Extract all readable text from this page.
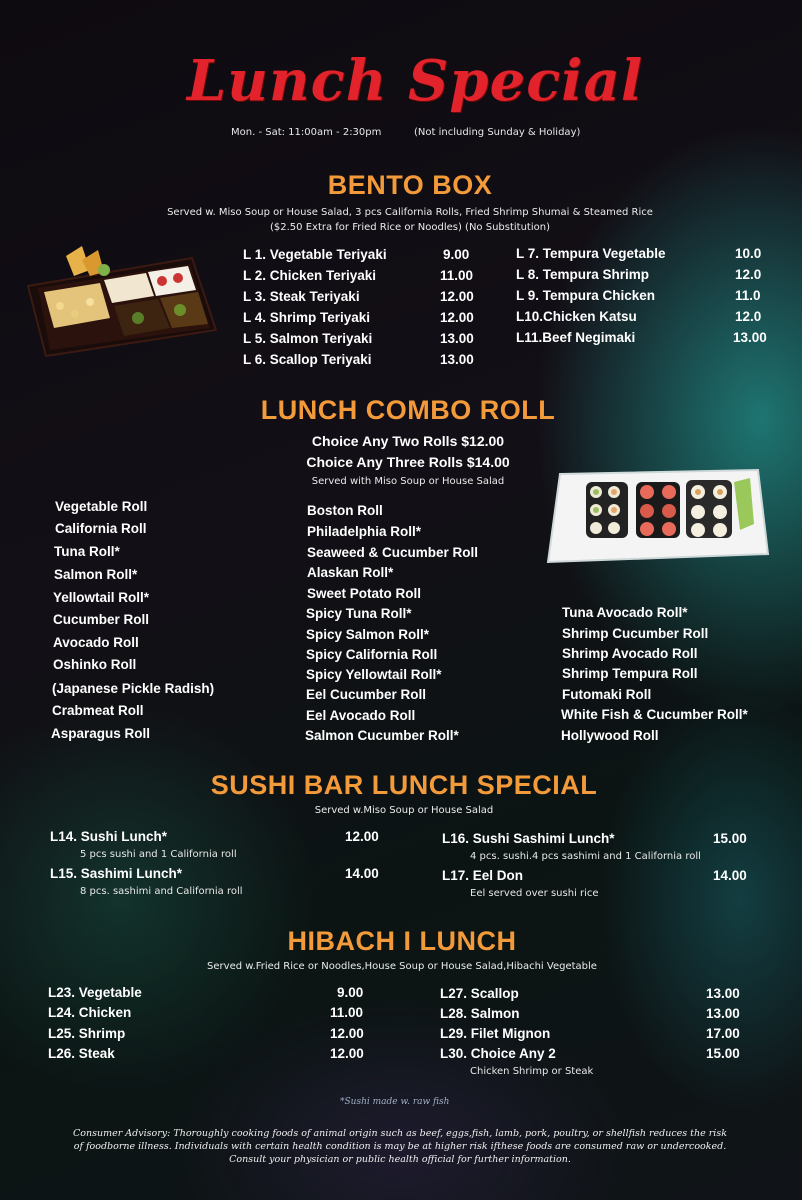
Lunch Special
Mon. - Sat: 11:00am - 2:30pm	(Not including Sunday & Holiday)
BENTO BOX
Served w. Miso Soup or House Salad, 3 pcs California Rolls, Fried Shrimp Shumai & Steamed Rice
($2.50 Extra for Fried Rice or Noodles) (No Substitution)
L 1. Vegetable Teriyaki	9.00
L 2. Chicken Teriyaki	11.00
L 3. Steak Teriyaki	12.00
L 4. Shrimp Teriyaki	12.00
L 5. Salmon Teriyaki	13.00
L 6. Scallop Teriyaki	13.00
L 7. Tempura Vegetable	10.0
L 8. Tempura Shrimp	12.0
L 9. Tempura Chicken	11.0
L10.Chicken Katsu	12.0
L11.Beef Negimaki	13.00
LUNCH COMBO ROLL
Choice Any Two Rolls $12.00
Choice Any Three Rolls $14.00
Served with Miso Soup or House Salad
Vegetable Roll
California Roll
Tuna Roll*
Salmon Roll*
Yellowtail Roll*
Cucumber Roll
Avocado Roll
Oshinko Roll
(Japanese Pickle Radish)
Crabmeat Roll
Asparagus Roll
Boston Roll
Philadelphia Roll*
Seaweed & Cucumber Roll
Alaskan Roll*
Sweet Potato Roll
Spicy Tuna Roll*
Spicy Salmon Roll*
Spicy California Roll
Spicy Yellowtail Roll*
Eel Cucumber Roll
Eel Avocado Roll
Salmon Cucumber Roll*
Tuna Avocado Roll*
Shrimp Cucumber Roll
Shrimp Avocado Roll
Shrimp Tempura Roll
Futomaki Roll
White Fish & Cucumber Roll*
Hollywood Roll
SUSHI BAR LUNCH SPECIAL
Served w.Miso Soup or House Salad
L14. Sushi Lunch*	12.00
5 pcs sushi and 1 California roll
L15. Sashimi Lunch*	14.00
8 pcs. sashimi and California roll
L16. Sushi Sashimi Lunch*	15.00
4 pcs. sushi.4 pcs sashimi and 1 California roll
L17. Eel Don	14.00
Eel served over sushi rice
HIBACH I LUNCH
Served w.Fried Rice or Noodles,House Soup or House Salad,Hibachi Vegetable
L23. Vegetable	9.00
L24. Chicken	11.00
L25. Shrimp	12.00
L26. Steak	12.00
L27. Scallop	13.00
L28. Salmon	13.00
L29. Filet Mignon	17.00
L30. Choice Any 2	15.00
Chicken Shrimp or Steak
*Sushi made w. raw fish
Consumer Advisory: Thoroughly cooking foods of animal origin such as beef, eggs,fish, lamb, pork, poultry, or shellfish reduces the risk
of foodborne illness. Individuals with certain health condition is may be at higher risk ifthese foods are consumed raw or undercooked.
Consult your physician or public health official for further information.
